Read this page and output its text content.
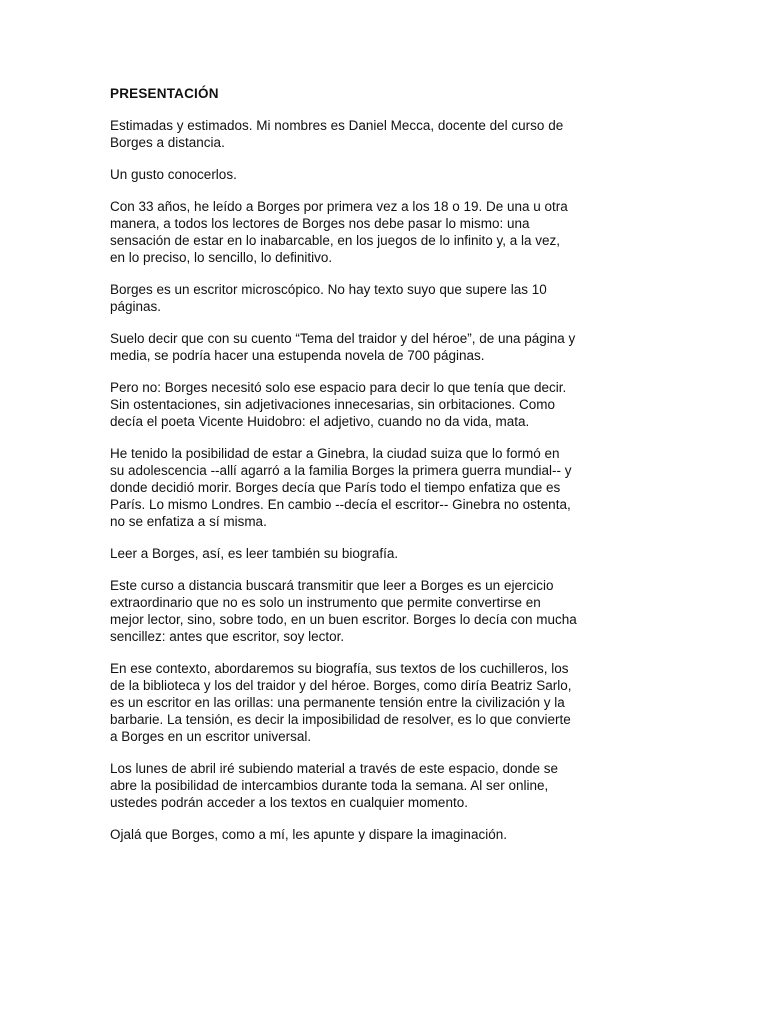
PRESENTACIÓN
Estimadas y estimados. Mi nombres es Daniel Mecca, docente del curso de
Borges a distancia.
Un gusto conocerlos.
Con 33 años, he leído a Borges por primera vez a los 18 o 19. De una u otra
manera, a todos los lectores de Borges nos debe pasar lo mismo: una
sensación de estar en lo inabarcable, en los juegos de lo infinito y, a la vez,
en lo preciso, lo sencillo, lo definitivo.
Borges es un escritor microscópico. No hay texto suyo que supere las 10
páginas.
Suelo decir que con su cuento “Tema del traidor y del héroe”, de una página y
media, se podría hacer una estupenda novela de 700 páginas.
Pero no: Borges necesitó solo ese espacio para decir lo que tenía que decir.
Sin ostentaciones, sin adjetivaciones innecesarias, sin orbitaciones. Como
decía el poeta Vicente Huidobro: el adjetivo, cuando no da vida, mata.
He tenido la posibilidad de estar a Ginebra, la ciudad suiza que lo formó en
su adolescencia --allí agarró a la familia Borges la primera guerra mundial-- y
donde decidió morir. Borges decía que París todo el tiempo enfatiza que es
París. Lo mismo Londres. En cambio --decía el escritor-- Ginebra no ostenta,
no se enfatiza a sí misma.
Leer a Borges, así, es leer también su biografía.
Este curso a distancia buscará transmitir que leer a Borges es un ejercicio
extraordinario que no es solo un instrumento que permite convertirse en
mejor lector, sino, sobre todo, en un buen escritor. Borges lo decía con mucha
sencillez: antes que escritor, soy lector.
En ese contexto, abordaremos su biografía, sus textos de los cuchilleros, los
de la biblioteca y los del traidor y del héroe. Borges, como diría Beatriz Sarlo,
es un escritor en las orillas: una permanente tensión entre la civilización y la
barbarie. La tensión, es decir la imposibilidad de resolver, es lo que convierte
a Borges en un escritor universal.
Los lunes de abril iré subiendo material a través de este espacio, donde se
abre la posibilidad de intercambios durante toda la semana. Al ser online,
ustedes podrán acceder a los textos en cualquier momento.
Ojalá que Borges, como a mí, les apunte y dispare la imaginación.
